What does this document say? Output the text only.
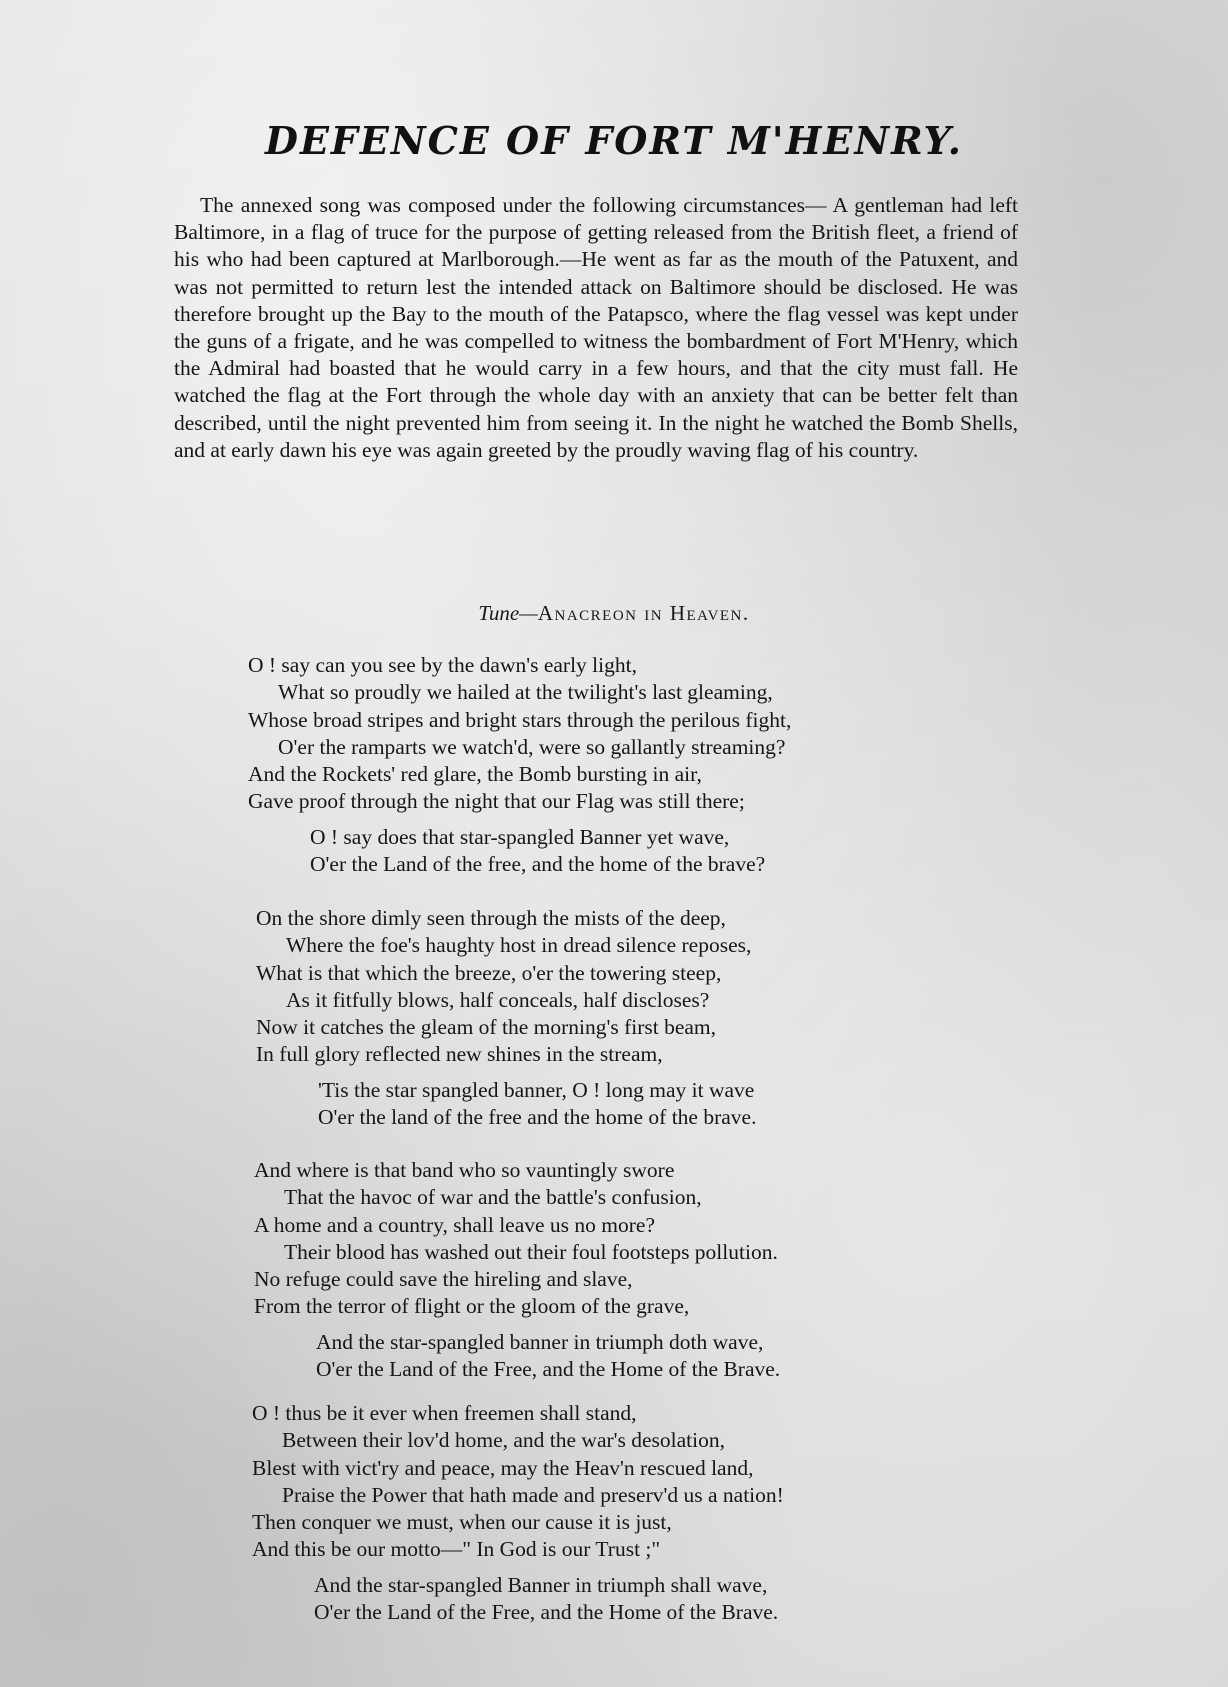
DEFENCE OF FORT M'HENRY.

The annexed song was composed under the following circumstances— A gentleman had left Baltimore, in a flag of truce for the purpose of getting released from the British fleet, a friend of his who had been captured at Marlborough.—He went as far as the mouth of the Patuxent, and was not permitted to return lest the intended attack on Baltimore should be disclosed. He was therefore brought up the Bay to the mouth of the Patapsco, where the flag vessel was kept under the guns of a frigate, and he was compelled to witness the bombardment of Fort M'Henry, which the Admiral had boasted that he would carry in a few hours, and that the city must fall. He watched the flag at the Fort through the whole day with an anxiety that can be better felt than described, until the night prevented him from seeing it. In the night he watched the Bomb Shells, and at early dawn his eye was again greeted by the proudly waving flag of his country.

Tune—Anacreon in Heaven.
O ! say can you see by the dawn's early light,
What so proudly we hailed at the twilight's last gleaming,
Whose broad stripes and bright stars through the perilous fight,
O'er the ramparts we watch'd, were so gallantly streaming?
And the Rockets' red glare, the Bomb bursting in air,
Gave proof through the night that our Flag was still there;
O ! say does that star-spangled Banner yet wave,
O'er the Land of the free, and the home of the brave?
On the shore dimly seen through the mists of the deep,
Where the foe's haughty host in dread silence reposes,
What is that which the breeze, o'er the towering steep,
As it fitfully blows, half conceals, half discloses?
Now it catches the gleam of the morning's first beam,
In full glory reflected new shines in the stream,
'Tis the star spangled banner, O ! long may it wave
O'er the land of the free and the home of the brave.
And where is that band who so vauntingly swore
That the havoc of war and the battle's confusion,
A home and a country, shall leave us no more?
Their blood has washed out their foul footsteps pollution.
No refuge could save the hireling and slave,
From the terror of flight or the gloom of the grave,
And the star-spangled banner in triumph doth wave,
O'er the Land of the Free, and the Home of the Brave.
O ! thus be it ever when freemen shall stand,
Between their lov'd home, and the war's desolation,
Blest with vict'ry and peace, may the Heav'n rescued land,
Praise the Power that hath made and preserv'd us a nation!
Then conquer we must, when our cause it is just,
And this be our motto—" In God is our Trust ;"
And the star-spangled Banner in triumph shall wave,
O'er the Land of the Free, and the Home of the Brave.
